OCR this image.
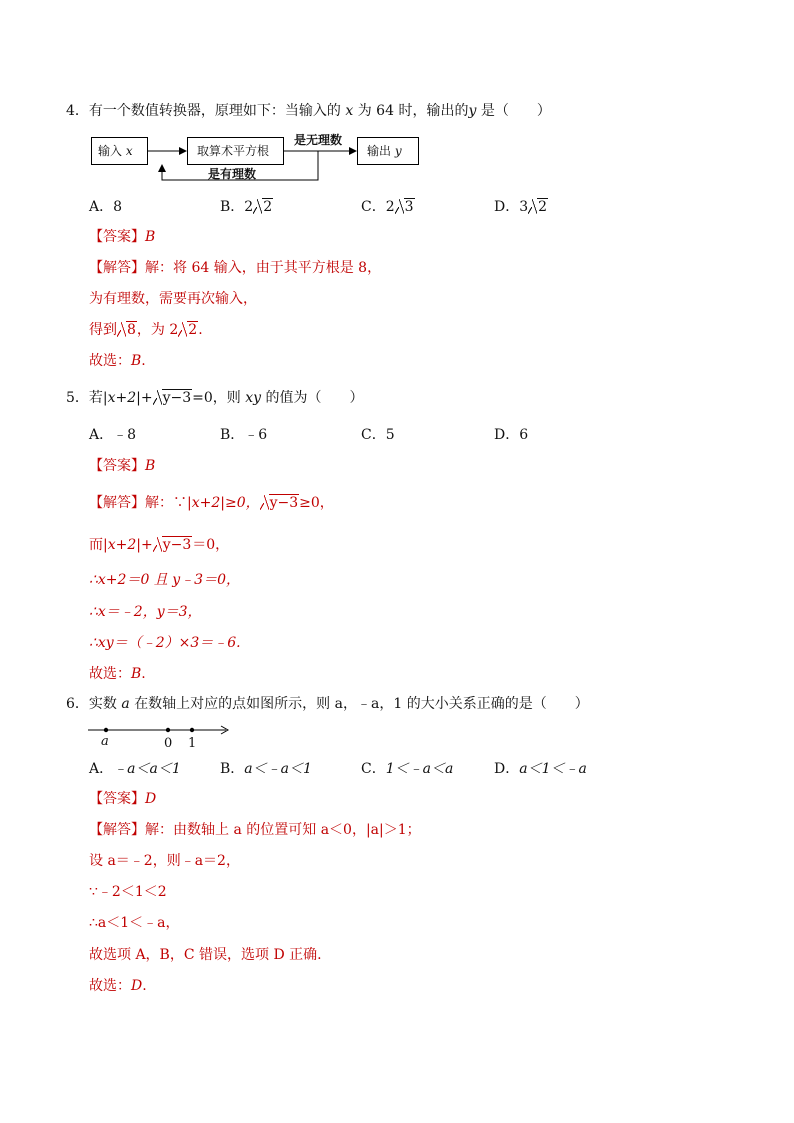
4．有一个数值转换器，原理如下：当输入的 x 为 64 时，输出的y 是（　　）
输入 x	取算术平方根	输出 y
是无理数
是有理数
A．8	B．2 2	C．2 3	D．3 2
【答案】B
【解答】解：将 64 输入，由于其平方根是 8，
为有理数，需要再次输入，
得到 8，为 2 2.
故选：B.
5．若|x+2|+ y−3=0，则 xy 的值为（　　）
A．﹣8	B．﹣6	C．5	D．6
【答案】B
【解答】解：∵|x+2|≥0， y−3≥0，
而|x+2|+ y−3＝0，
∴x+2＝0 且 y﹣3＝0，
∴x＝﹣2，y＝3，
∴xy＝（﹣2）×3＝﹣6.
故选：B.
6．实数 a 在数轴上对应的点如图所示，则 a，﹣a，1 的大小关系正确的是（　　）
a	0 1
A．﹣a＜a＜1	B．a＜﹣a＜1	C．1＜﹣a＜a	D．a＜1＜﹣a
【答案】D
【解答】解：由数轴上 a 的位置可知 a＜0，|a|＞1；
设 a＝﹣2，则﹣a＝2，
∵﹣2＜1＜2
∴a＜1＜﹣a，
故选项 A，B，C 错误，选项 D 正确.
故选：D.
